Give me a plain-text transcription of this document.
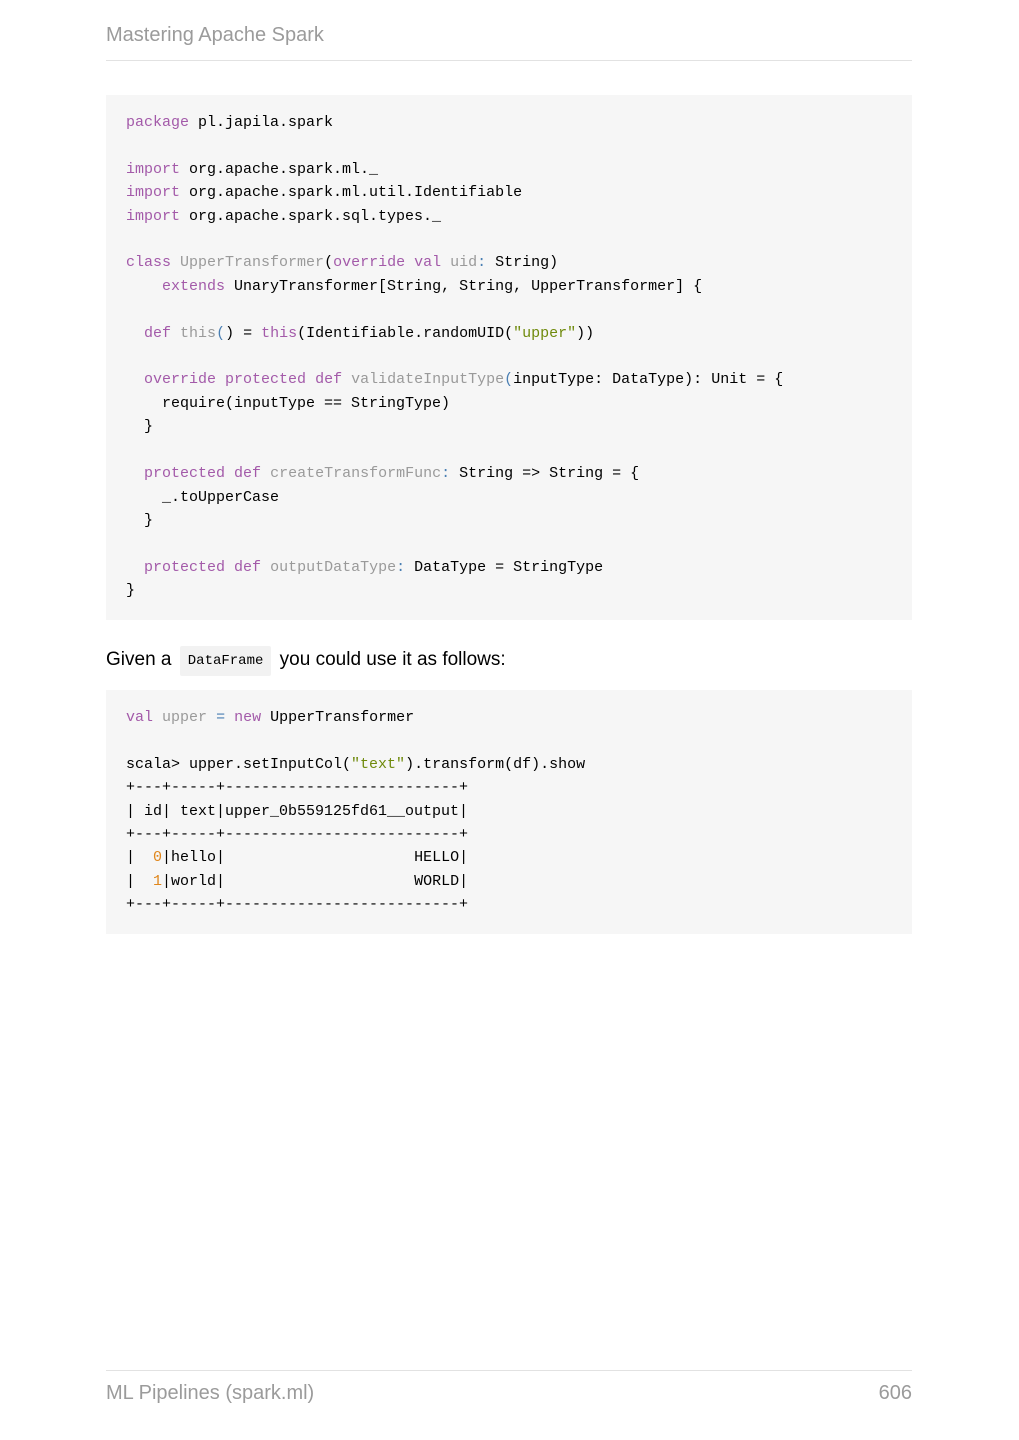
Mastering Apache Spark
package pl.japila.spark

import org.apache.spark.ml._
import org.apache.spark.ml.util.Identifiable
import org.apache.spark.sql.types._

class UpperTransformer(override val uid: String)
extends UnaryTransformer[String, String, UpperTransformer] {

def this() = this(Identifiable.randomUID("upper"))

override protected def validateInputType(inputType: DataType): Unit = {
require(inputType == StringType)
}

protected def createTransformFunc: String => String = {
_.toUpperCase
}

protected def outputDataType: DataType = StringType
}
Given a DataFrame you could use it as follows:
val upper = new UpperTransformer

scala> upper.setInputCol("text").transform(df).show
+---+-----+--------------------------+
| id| text|upper_0b559125fd61__output|
+---+-----+--------------------------+
|  0|hello|                     HELLO|
|  1|world|                     WORLD|
+---+-----+--------------------------+
ML Pipelines (spark.ml)	606
